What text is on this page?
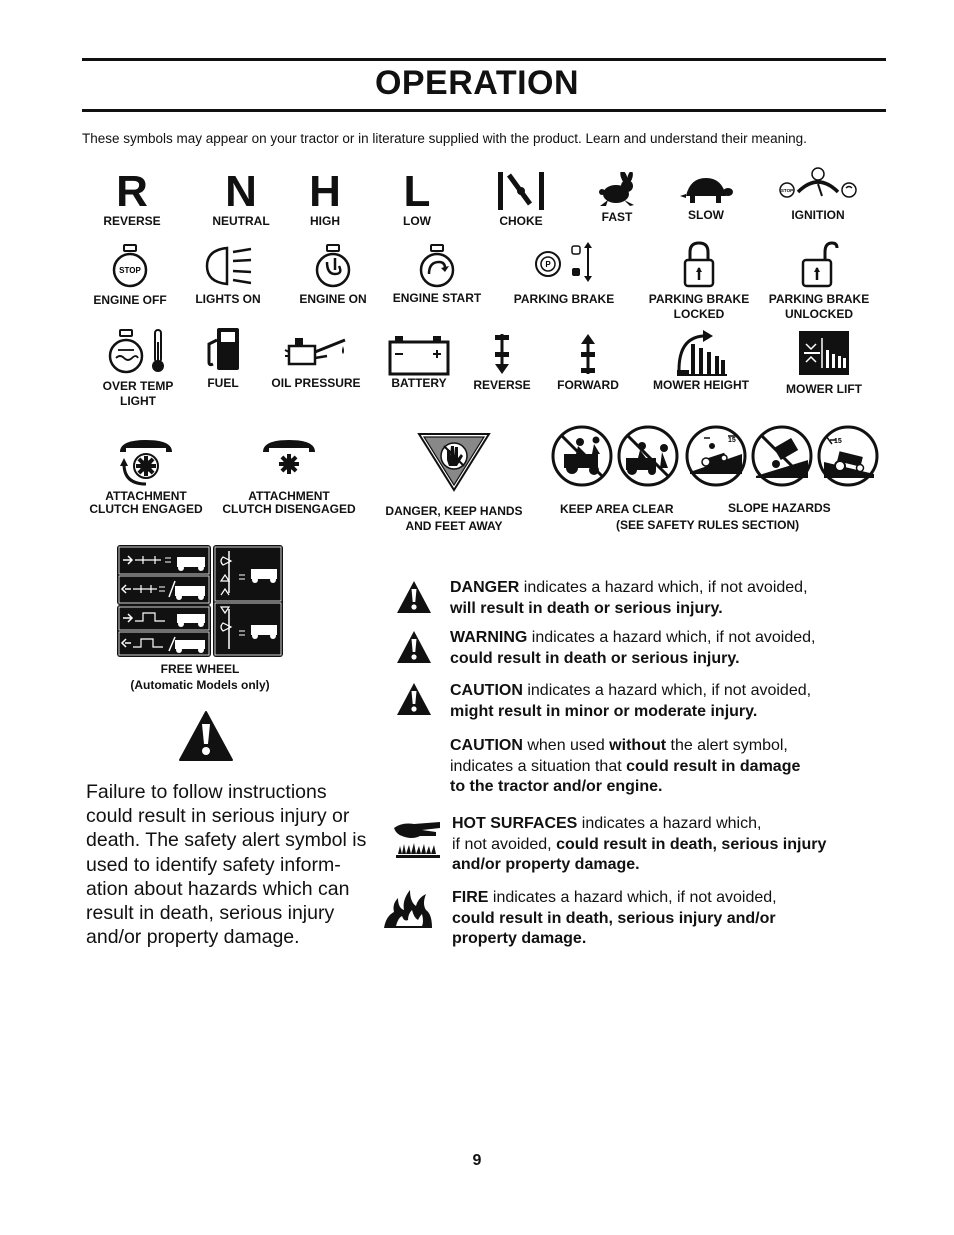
OPERATION
These symbols may appear on your tractor or in literature supplied with the product. Learn and understand their meaning.
R
REVERSE
N
NEUTRAL
H
HIGH
L
LOW	CHOKE	FAST	SLOW
STOP
IGNITION
STOP
ENGINE OFF LIGHTS ON	ENGINE ON	ENGINE START
P
PARKING BRAKE	PARKING BRAKE
LOCKED
PARKING BRAKE
UNLOCKED
OVER TEMP
LIGHT
FUEL	OIL PRESSURE	BATTERY	REVERSE	FORWARD	MOWER HEIGHT	MOWER LIFT
ATTACHMENT
CLUTCH ENGAGED
ATTACHMENT
CLUTCH DISENGAGED	DANGER, KEEP HANDS
AND FEET AWAY
15	15
KEEP AREA CLEAR	SLOPE HAZARDS
(SEE SAFETY RULES SECTION)
FREE WHEEL
(Automatic Models only)
Failure to follow instructions could result in serious injury or death. The safety alert symbol is used to identify safety inform-ation about hazards which can result in death, serious injury and/or property damage.
DANGER indicates a hazard which, if not avoided,
will result in death or serious injury.
WARNING indicates a hazard which, if not avoided,
could result in death or serious injury.
CAUTION indicates a hazard which, if not avoided,
might result in minor or moderate injury.
CAUTION when used without the alert symbol,
indicates a situation that could result in damage
to the tractor and/or engine.
HOT SURFACES indicates a hazard which,
if not avoided, could result in death, serious injury
and/or property damage.
FIRE indicates a hazard which, if not avoided,
could result in death, serious injury and/or
property damage.
9
